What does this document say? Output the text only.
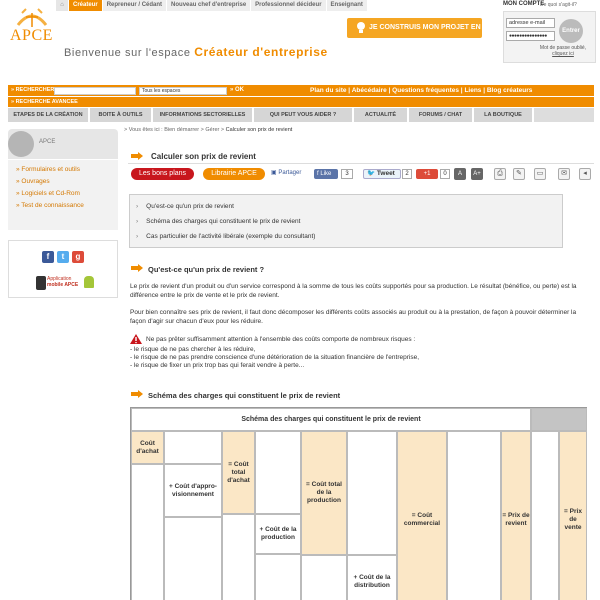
⌂	Créateur	Repreneur / Cédant	Nouveau chef d'entreprise	Professionnel décideur	Enseignant
APCE
Bienvenue sur l'espace Créateur d'entreprise
JE CONSTRUIS MON PROJET EN LIGNE
MON COMPTE
De quoi s'agit-il?
adresse e-mail
●●●●●●●●●●●●●●●
Entrer
Mot de passe oublié,
cliquez ici
» RECHERCHER	Tous les espaces	» OK	Plan du site | Abécédaire | Questions fréquentes | Liens | Blog créateurs
» RECHERCHE AVANCEE
ETAPES DE LA CRÉATION	BOITE À OUTILS	INFORMATIONS SECTORIELLES	QUI PEUT VOUS AIDER ?	ACTUALITÉ	FORUMS / CHAT	LA BOUTIQUE
APCE
» Formulaires et outils
» Ouvrages
» Logiciels et Cd-Rom
» Test de connaissance
f	t	g
Application
mobile APCE
> Vous êtes ici : Bien démarrer > Gérer > Calculer son prix de revient
Calculer son prix de revient
Les bons plans	Librairie APCE	▣ Partager	f Like	3	🐦 Tweet	2	+1	0	A	A+	⎙	✎	▭	✉	◂
› Qu'est-ce qu'un prix de revient
› Schéma des charges qui constituent le prix de revient
› Cas particulier de l'activité libérale (exemple du consultant)
Qu'est-ce qu'un prix de revient ?
Le prix de revient d'un produit ou d'un service correspond à la somme de tous les coûts supportés pour sa production. Le résultat (bénéfice, ou perte) est la différence entre le prix de vente et le prix de revient.
Pour bien connaître ses prix de revient, il faut donc décomposer les différents coûts associés au produit ou à la prestation, de façon à pouvoir déterminer la façon d'agir sur chacun d'eux pour les réduire.
Ne pas prêter suffisamment attention à l'ensemble des coûts comporte de nombreux risques :
- le risque de ne pas chercher à les réduire,
- le risque de ne pas prendre conscience d'une détérioration de la situation financière de l'entreprise,
- le risque de fixer un prix trop bas qui ferait vendre à perte...
Schéma des charges qui constituent le prix de revient
Schéma des charges qui constituent le prix de revient
Coût d'achat
+ Coût d'appro-visionnement
= Coût total d'achat
+ Coût de la production
= Coût total de la production
+ Coût de la distribution
= Coût commercial
= Prix de revient
= Prix de vente
